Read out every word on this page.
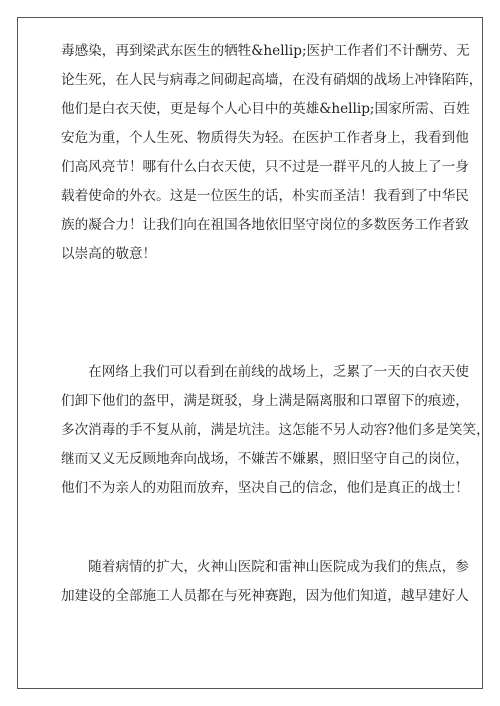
毒感染，再到梁武东医生的牺牲&hellip;医护工作者们不计酬劳、无
论生死，在人民与病毒之间砌起高墙，在没有硝烟的战场上冲锋陷阵，
他们是白衣天使，更是每个人心目中的英雄&hellip;国家所需、百姓
安危为重，个人生死、物质得失为轻。在医护工作者身上，我看到他
们高风亮节！哪有什么白衣天使，只不过是一群平凡的人披上了一身
载着使命的外衣。这是一位医生的话，朴实而圣洁！我看到了中华民
族的凝合力！让我们向在祖国各地依旧坚守岗位的多数医务工作者致
以崇高的敬意！
　　在网络上我们可以看到在前线的战场上，乏累了一天的白衣天使
们卸下他们的盔甲，满是斑驳，身上满是隔离服和口罩留下的痕迹，
多次消毒的手不复从前，满是坑洼。这怎能不另人动容?他们多是笑笑，
继而又义无反顾地奔向战场，不嫌苦不嫌累，照旧坚守自己的岗位，
他们不为亲人的劝阻而放弃，坚决自己的信念，他们是真正的战士！
　　随着病情的扩大，火神山医院和雷神山医院成为我们的焦点，参
加建设的全部施工人员都在与死神赛跑，因为他们知道，越早建好人
